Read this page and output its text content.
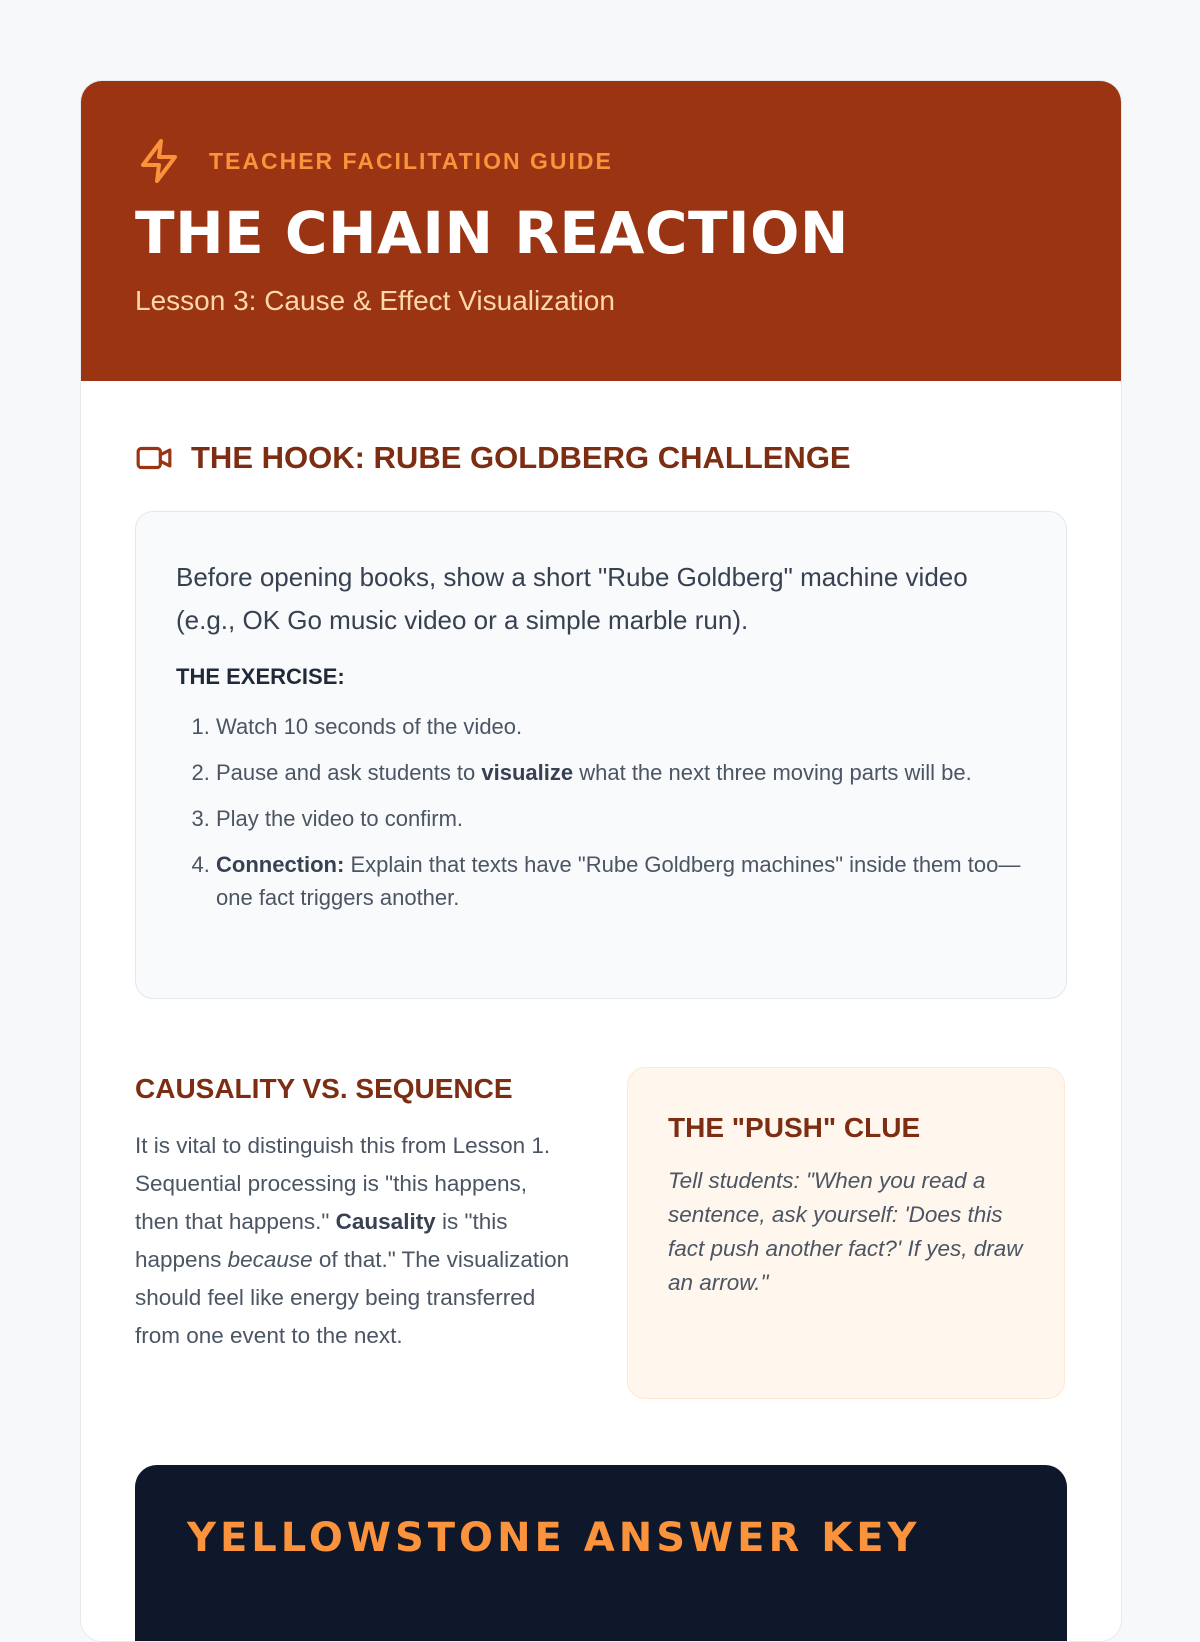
TEACHER FACILITATION GUIDE
THE CHAIN REACTION
Lesson 3: Cause & Effect Visualization
THE HOOK: RUBE GOLDBERG CHALLENGE

Before opening books, show a short "Rube Goldberg" machine video (e.g., OK Go music video or a simple marble run).

THE EXERCISE:
1. Watch 10 seconds of the video.
2. Pause and ask students to visualize what the next three moving parts will be.
3. Play the video to confirm.
4. Connection: Explain that texts have "Rube Goldberg machines" inside them too—one fact triggers another.
CAUSALITY VS. SEQUENCE
It is vital to distinguish this from Lesson 1. Sequential processing is "this happens, then that happens." Causality is "this happens because of that." The visualization should feel like energy being transferred from one event to the next.
THE "PUSH" CLUE
Tell students: "When you read a sentence, ask yourself: 'Does this fact push another fact?' If yes, draw an arrow."
YELLOWSTONE ANSWER KEY
